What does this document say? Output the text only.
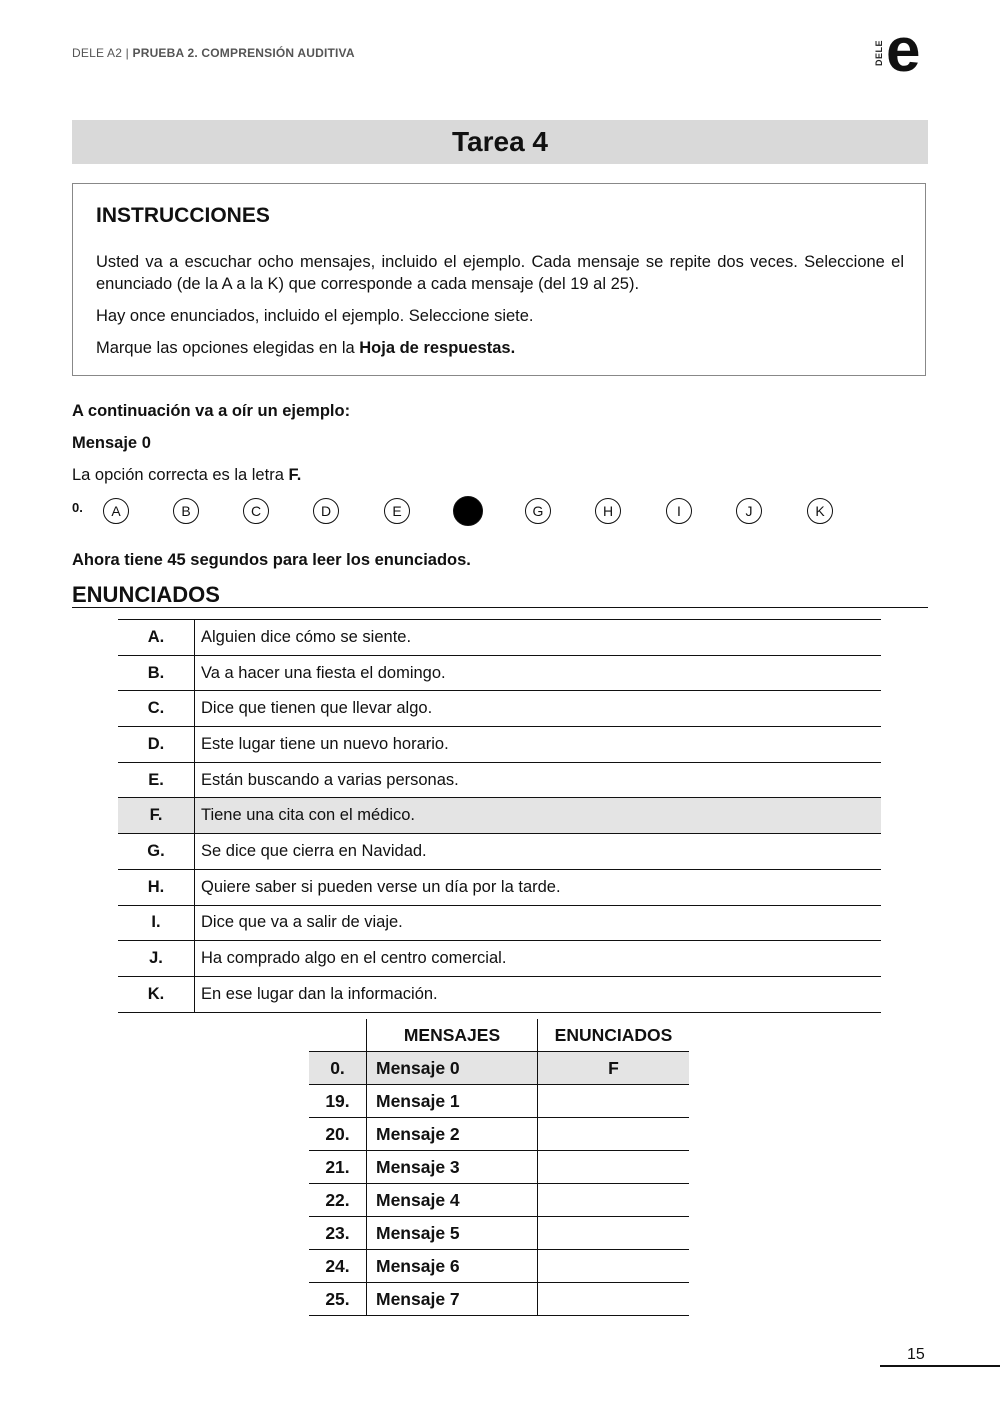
DELE A2 | PRUEBA 2. COMPRENSIÓN AUDITIVA	DELE e
Tarea 4
INSTRUCCIONES
Usted va a escuchar ocho mensajes, incluido el ejemplo. Cada mensaje se repite dos veces. Seleccione el enunciado (de la A a la K) que corresponde a cada mensaje (del 19 al 25).
Hay once enunciados, incluido el ejemplo. Seleccione siete.
Marque las opciones elegidas en la Hoja de respuestas.
A continuación va a oír un ejemplo:
Mensaje 0
La opción correcta es la letra F.
0.	A	B	C	D	E	G	H	I	J	K
Ahora tiene 45 segundos para leer los enunciados.
ENUNCIADOS
A.	Alguien dice cómo se siente.
B.	Va a hacer una fiesta el domingo.
C.	Dice que tienen que llevar algo.
D.	Este lugar tiene un nuevo horario.
E.	Están buscando a varias personas.
F.	Tiene una cita con el médico.
G.	Se dice que cierra en Navidad.
H.	Quiere saber si pueden verse un día por la tarde.
I.	Dice que va a salir de viaje.
J.	Ha comprado algo en el centro comercial.
K.	En ese lugar dan la información.
	MENSAJES	ENUNCIADOS
0.	Mensaje 0	F
19.	Mensaje 1	
20.	Mensaje 2	
21.	Mensaje 3	
22.	Mensaje 4	
23.	Mensaje 5	
24.	Mensaje 6	
25.	Mensaje 7	
15
